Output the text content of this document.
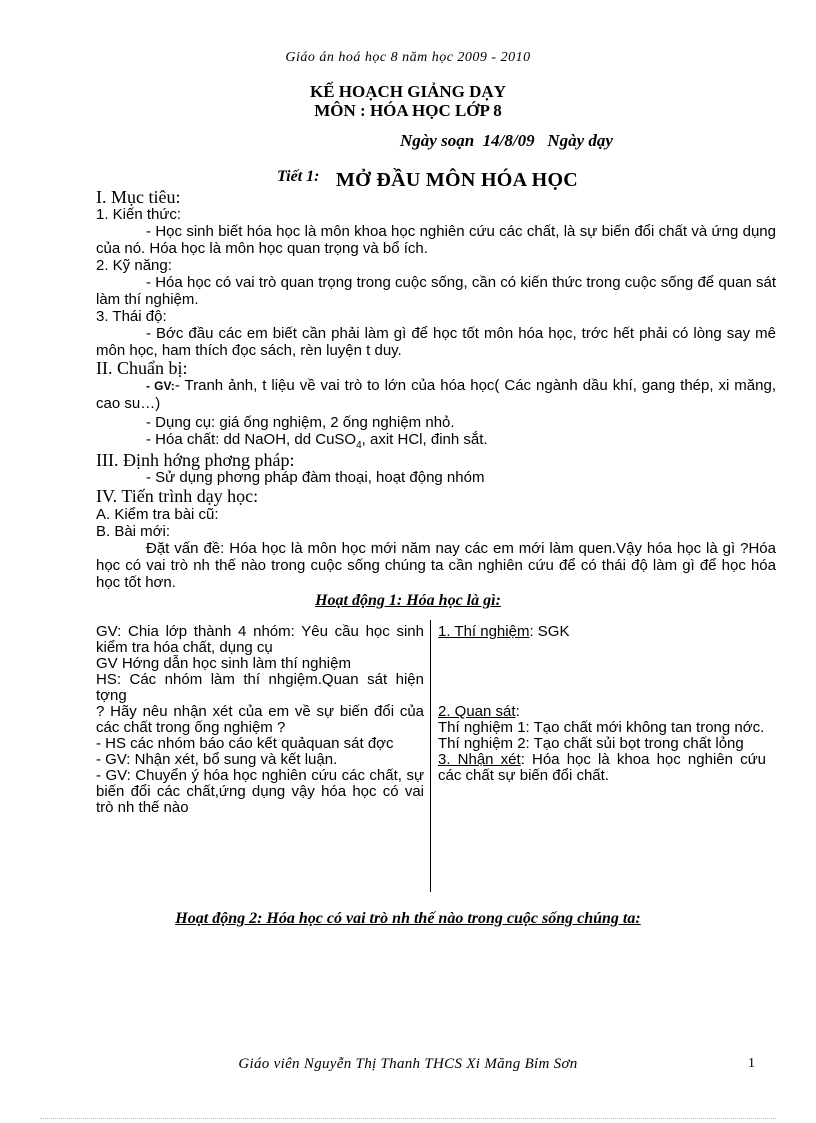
Giáo án hoá học 8 năm học 2009 - 2010
KẾ HOẠCH GIẢNG DẠY
MÔN : HÓA HỌC LỚP 8
Ngày soạn  14/8/09   Ngày dạy
Tiết 1: MỞ ĐẦU MÔN HÓA HỌC
I. Mục tiêu:
1. Kiến thức:
- Học sinh biết hóa học là môn khoa học nghiên cứu các chất, là sự biến đổi chất và ứng dụng của nó. Hóa học là môn học quan trọng và bổ ích.
2. Kỹ năng:
- Hóa học có vai trò quan trọng trong cuộc sống, cần có kiến thức trong cuộc sống để quan sát làm thí nghiệm.
3. Thái độ:
- Bớc đầu các em biết cần phải làm gì để học tốt môn hóa học, trớc hết phải có lòng say mê môn học, ham thích đọc sách, rèn luyện t duy.
II. Chuẩn bị:
- GV:- Tranh ảnh, t liệu về vai trò to lớn của hóa học( Các ngành dầu khí, gang thép, xi măng, cao su…)
- Dụng cụ: giá ống nghiệm, 2 ống nghiệm nhỏ.
- Hóa chất: dd NaOH, dd CuSO$_4$, axit HCl, đinh sắt.
III. Định hớng phơng pháp:
- Sử dụng phơng pháp đàm thoại, hoạt động nhóm
IV. Tiến trình dạy học:
A. Kiểm tra bài cũ:
B. Bài mới:
Đặt vấn đề: Hóa học là môn học mới năm nay các em mới làm quen.Vậy hóa học là gì ?Hóa học có vai trò nh thế nào trong cuộc sống chúng ta cần nghiên cứu để có thái độ làm gì để học hóa học tốt hơn.
Hoạt động 1: Hóa học là gì:

GV: Chia lớp thành 4 nhóm: Yêu cầu học sinh kiểm tra hóa chất, dụng cụ

GV Hớng dẫn học sinh làm thí nghiệm

HS: Các nhóm làm thí nhgiệm.Quan sát hiện tợng

? Hãy nêu nhận xét của em về sự biến đổi của các chất trong ống nghiệm ?

- HS các nhóm báo cáo kết quảquan sát đợc

- GV: Nhận xét, bổ sung và kết luận.

- GV: Chuyển ý hóa học nghiên cứu các chất, sự biến đổi các chất,ứng dụng vậy hóa học có vai trò nh thế nào

1. Thí nghiệm: SGK

2. Quan sát:

Thí nghiệm 1: Tạo chất mới không tan trong nớc.

Thí nghiệm 2: Tạo chất sủi bọt trong chất lỏng

3. Nhận xét: Hóa học là khoa học nghiên cứu các chất sự biến đổi chất.

Hoạt động 2: Hóa học có vai trò nh thế nào trong cuộc sống chúng ta:
Giáo viên Nguyễn Thị Thanh THCS Xi Măng Bỉm Sơn	1
